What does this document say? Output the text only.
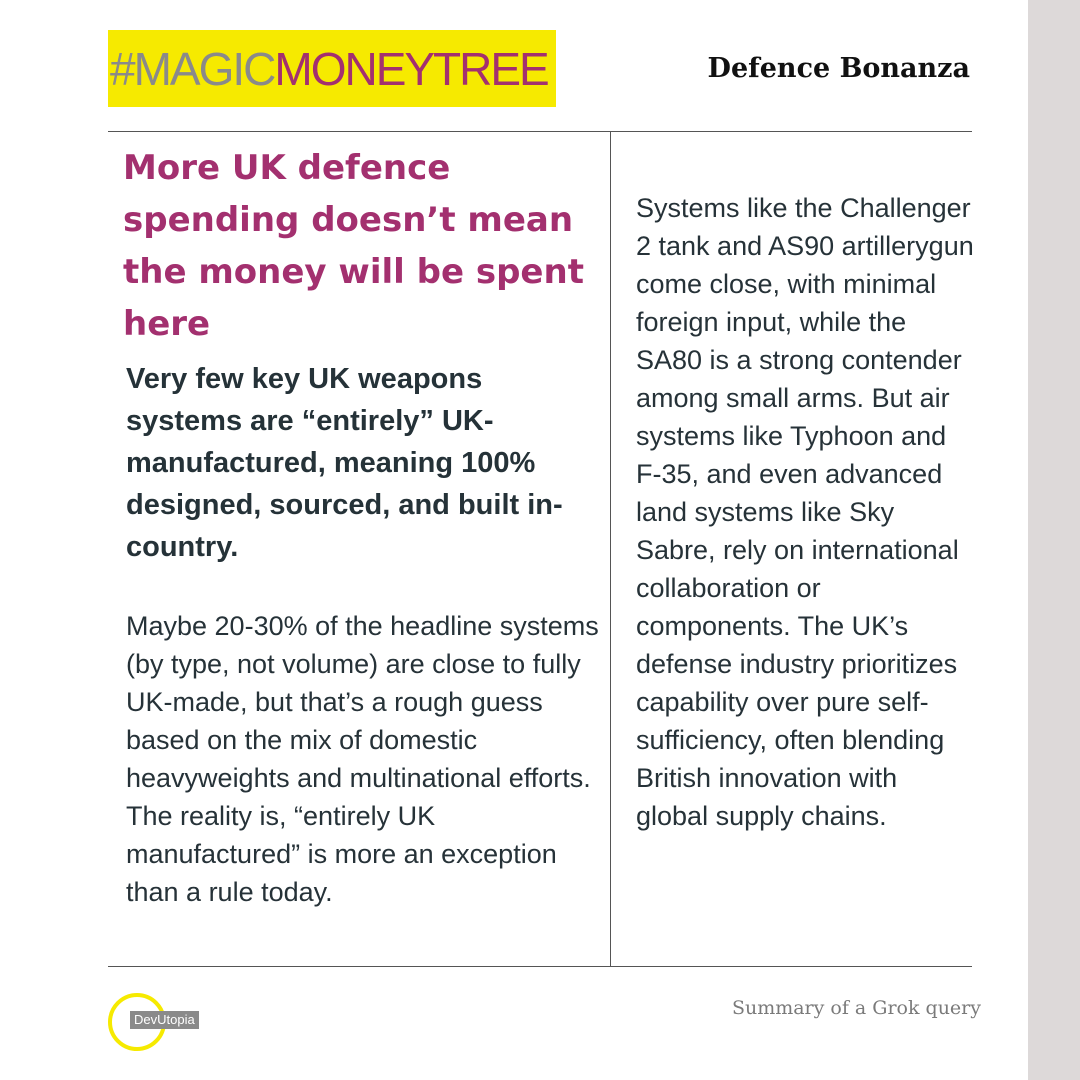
#MAGICMONEYTREE	Defence Bonanza
More UK defence spending doesn’t mean the money will be spent here

Very few key UK weapons systems are “entirely” UK-manufactured, meaning 100% designed, sourced, and built in-country.

Maybe 20-30% of the headline systems (by type, not volume) are close to fully UK-made, but that’s a rough guess based on the mix of domestic heavyweights and multinational efforts. The reality is, “entirely UK manufactured” is more an exception than a rule today.

Systems like the Challenger 2 tank and AS90 artillerygun come close, with minimal foreign input, while the SA80 is a strong contender among small arms. But air systems like Typhoon and F-35, and even advanced land systems like Sky Sabre, rely on international collaboration or components. The UK’s defense industry prioritizes capability over pure self-sufficiency, often blending British innovation with global supply chains.

DevUtopia
Summary of a Grok query
